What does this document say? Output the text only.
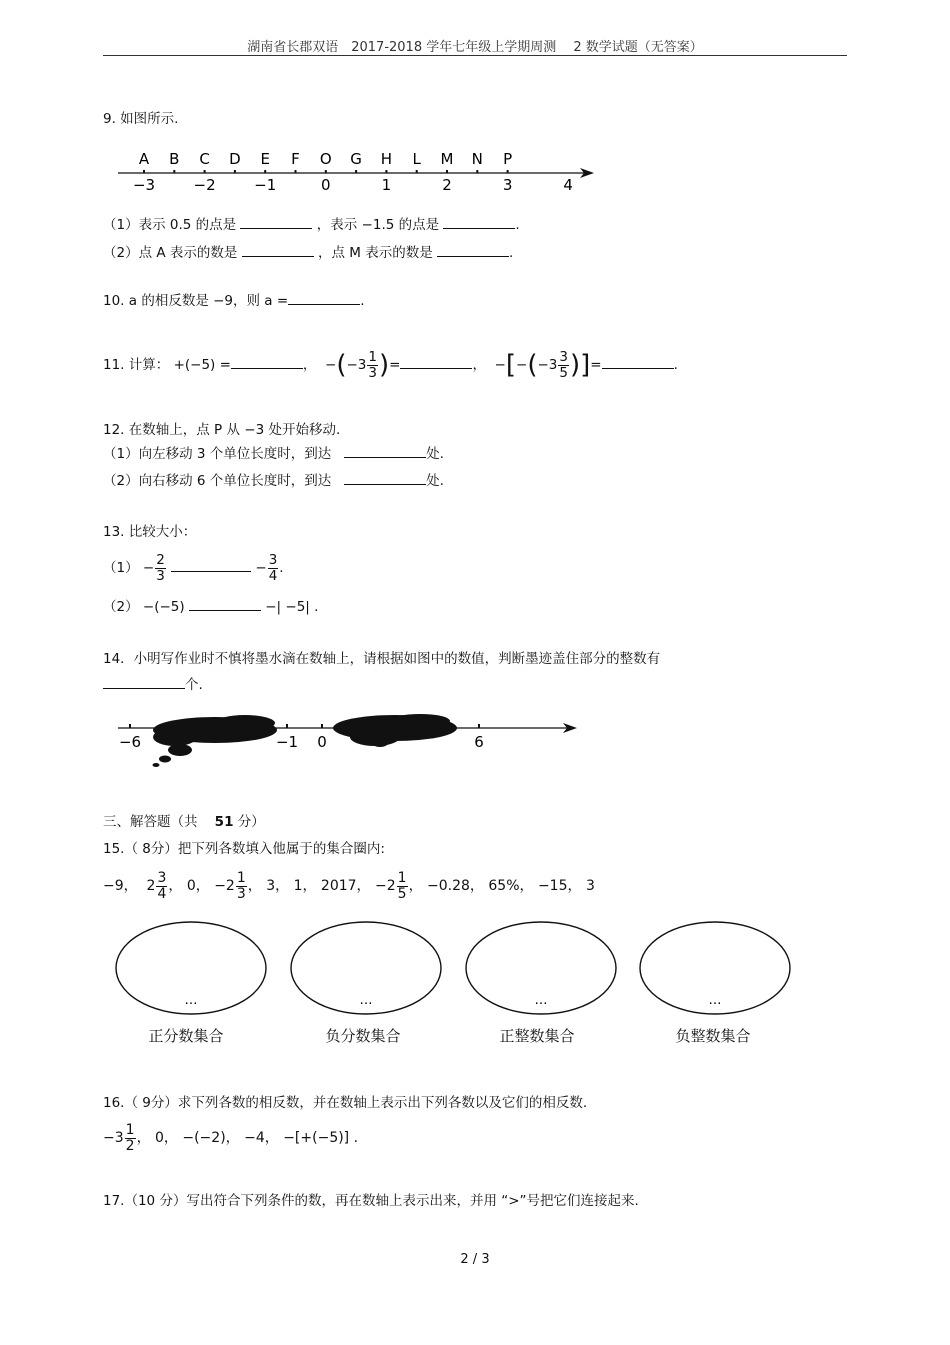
湖南省长郡双语　2017-2018 学年七年级上学期周测　 2 数学试题（无答案）
9. 如图所示.
A B C D E F O G H L M N P
−3	−2	−1	0	1	2	3	4
（1）表示 0.5 的点是	，表示 −1.5 的点是	.
（2）点 A 表示的数是	，点 M 表示的数是	.
10. a 的相反数是 −9，则 a =	.
11. 计算： +(−5) =	， $-(-3 \frac{1}{3}$ )=	， $-[-(-3 \frac{3}{5}$ )]=	.
12. 在数轴上，点 P 从 −3 处开始移动.
（1）向左移动 3 个单位长度时，到达	处.
（2）向右移动 6 个单位长度时，到达	处.
13. 比较大小：
$(1) - \frac{2}{3}$	− $\frac{3}{4}$ .
（2） −(−5)	−| −5| .
14．小明写作业时不慎将墨水滴在数轴上，请根据如图中的数值，判断墨迹盖住部分的整数有
个.
−6	−1 0	6
三、解答题（共 51 分）
15.（ 8分）把下列各数填入他属于的集合圈内:
−9， $2 \frac{3}{4}$ ， 0， $-2 \frac{1}{3}$ ， 3， 1， 2017， $-2 \frac{1}{5}$ ， −0.28， 65%， −15， 3
…	…	…	…
正分数集合	负分数集合	正整数集合	负整数集合
16.（ 9分）求下列各数的相反数，并在数轴上表示出下列各数以及它们的相反数.
$-3 \frac{1}{2}$ ， 0， −(−2)， −4， −[+(−5)] .
17.（10 分）写出符合下列条件的数，再在数轴上表示出来，并用 “>”号把它们连接起来.
2 / 3
